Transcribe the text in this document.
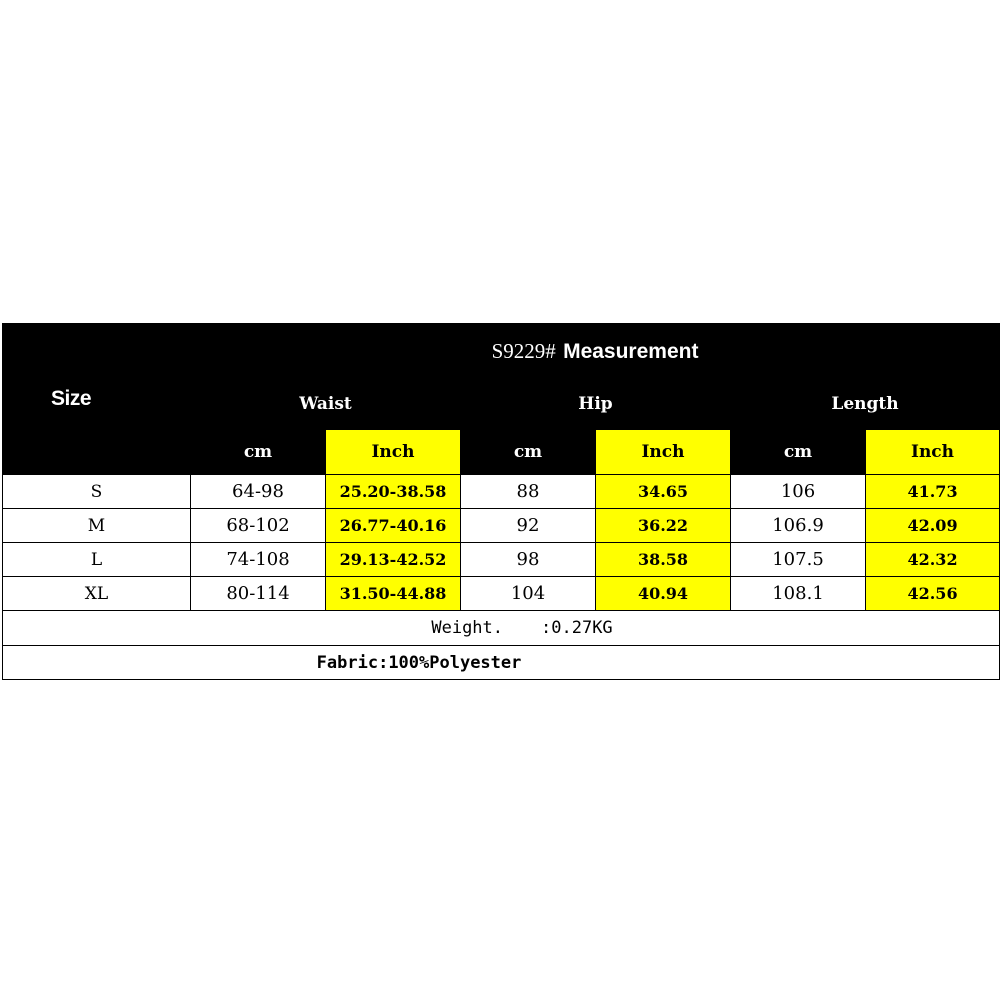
Size	S9229# Measurement					
	Waist		Hip		Length	
	cm	Inch	cm	Inch	cm	Inch
S	64-98	25.20-38.58	88	34.65	106	41.73
M	68-102	26.77-40.16	92	36.22	106.9	42.09
L	74-108	29.13-42.52	98	38.58	107.5	42.32
XL	80-114	31.50-44.88	104	40.94	108.1	42.56
Weight. :0.27KG						
Fabric:100%Polyester						
